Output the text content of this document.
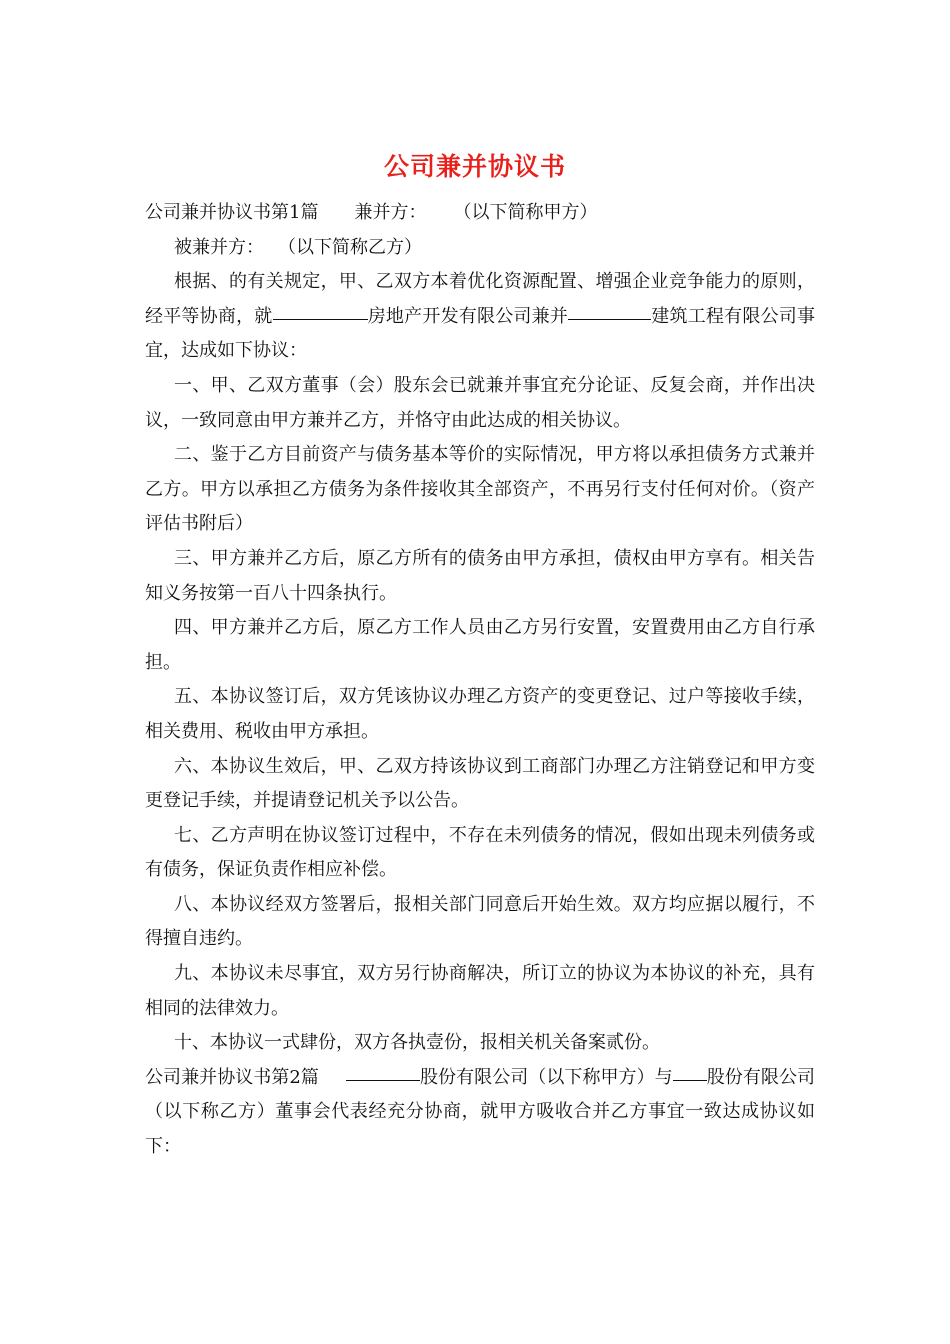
公司兼并协议书

公司兼并协议书第1篇 兼并方： （以下简称甲方）

被兼并方： （以下简称乙方）

根据、的有关规定，甲、乙双方本着优化资源配置、增强企业竞争能力的原则，经平等协商，就	房地产开发有限公司兼并	建筑工程有限公司事宜，达成如下协议：

一、甲、乙双方董事（会）股东会已就兼并事宜充分论证、反复会商，并作出决议，一致同意由甲方兼并乙方，并恪守由此达成的相关协议。

二、鉴于乙方目前资产与债务基本等价的实际情况，甲方将以承担债务方式兼并乙方。甲方以承担乙方债务为条件接收其全部资产，不再另行支付任何对价。（资产评估书附后）

三、甲方兼并乙方后，原乙方所有的债务由甲方承担，债权由甲方享有。相关告知义务按第一百八十四条执行。

四、甲方兼并乙方后，原乙方工作人员由乙方另行安置，安置费用由乙方自行承担。

五、本协议签订后，双方凭该协议办理乙方资产的变更登记、过户等接收手续，相关费用、税收由甲方承担。

六、本协议生效后，甲、乙双方持该协议到工商部门办理乙方注销登记和甲方变更登记手续，并提请登记机关予以公告。

七、乙方声明在协议签订过程中，不存在未列债务的情况，假如出现未列债务或有债务，保证负责作相应补偿。

八、本协议经双方签署后，报相关部门同意后开始生效。双方均应据以履行，不得擅自违约。

九、本协议未尽事宜，双方另行协商解决，所订立的协议为本协议的补充，具有相同的法律效力。

十、本协议一式肆份，双方各执壹份，报相关机关备案贰份。

公司兼并协议书第2篇	股份有限公司（以下称甲方）与 股份有限公司（以下称乙方）董事会代表经充分协商，就甲方吸收合并乙方事宜一致达成协议如下：
